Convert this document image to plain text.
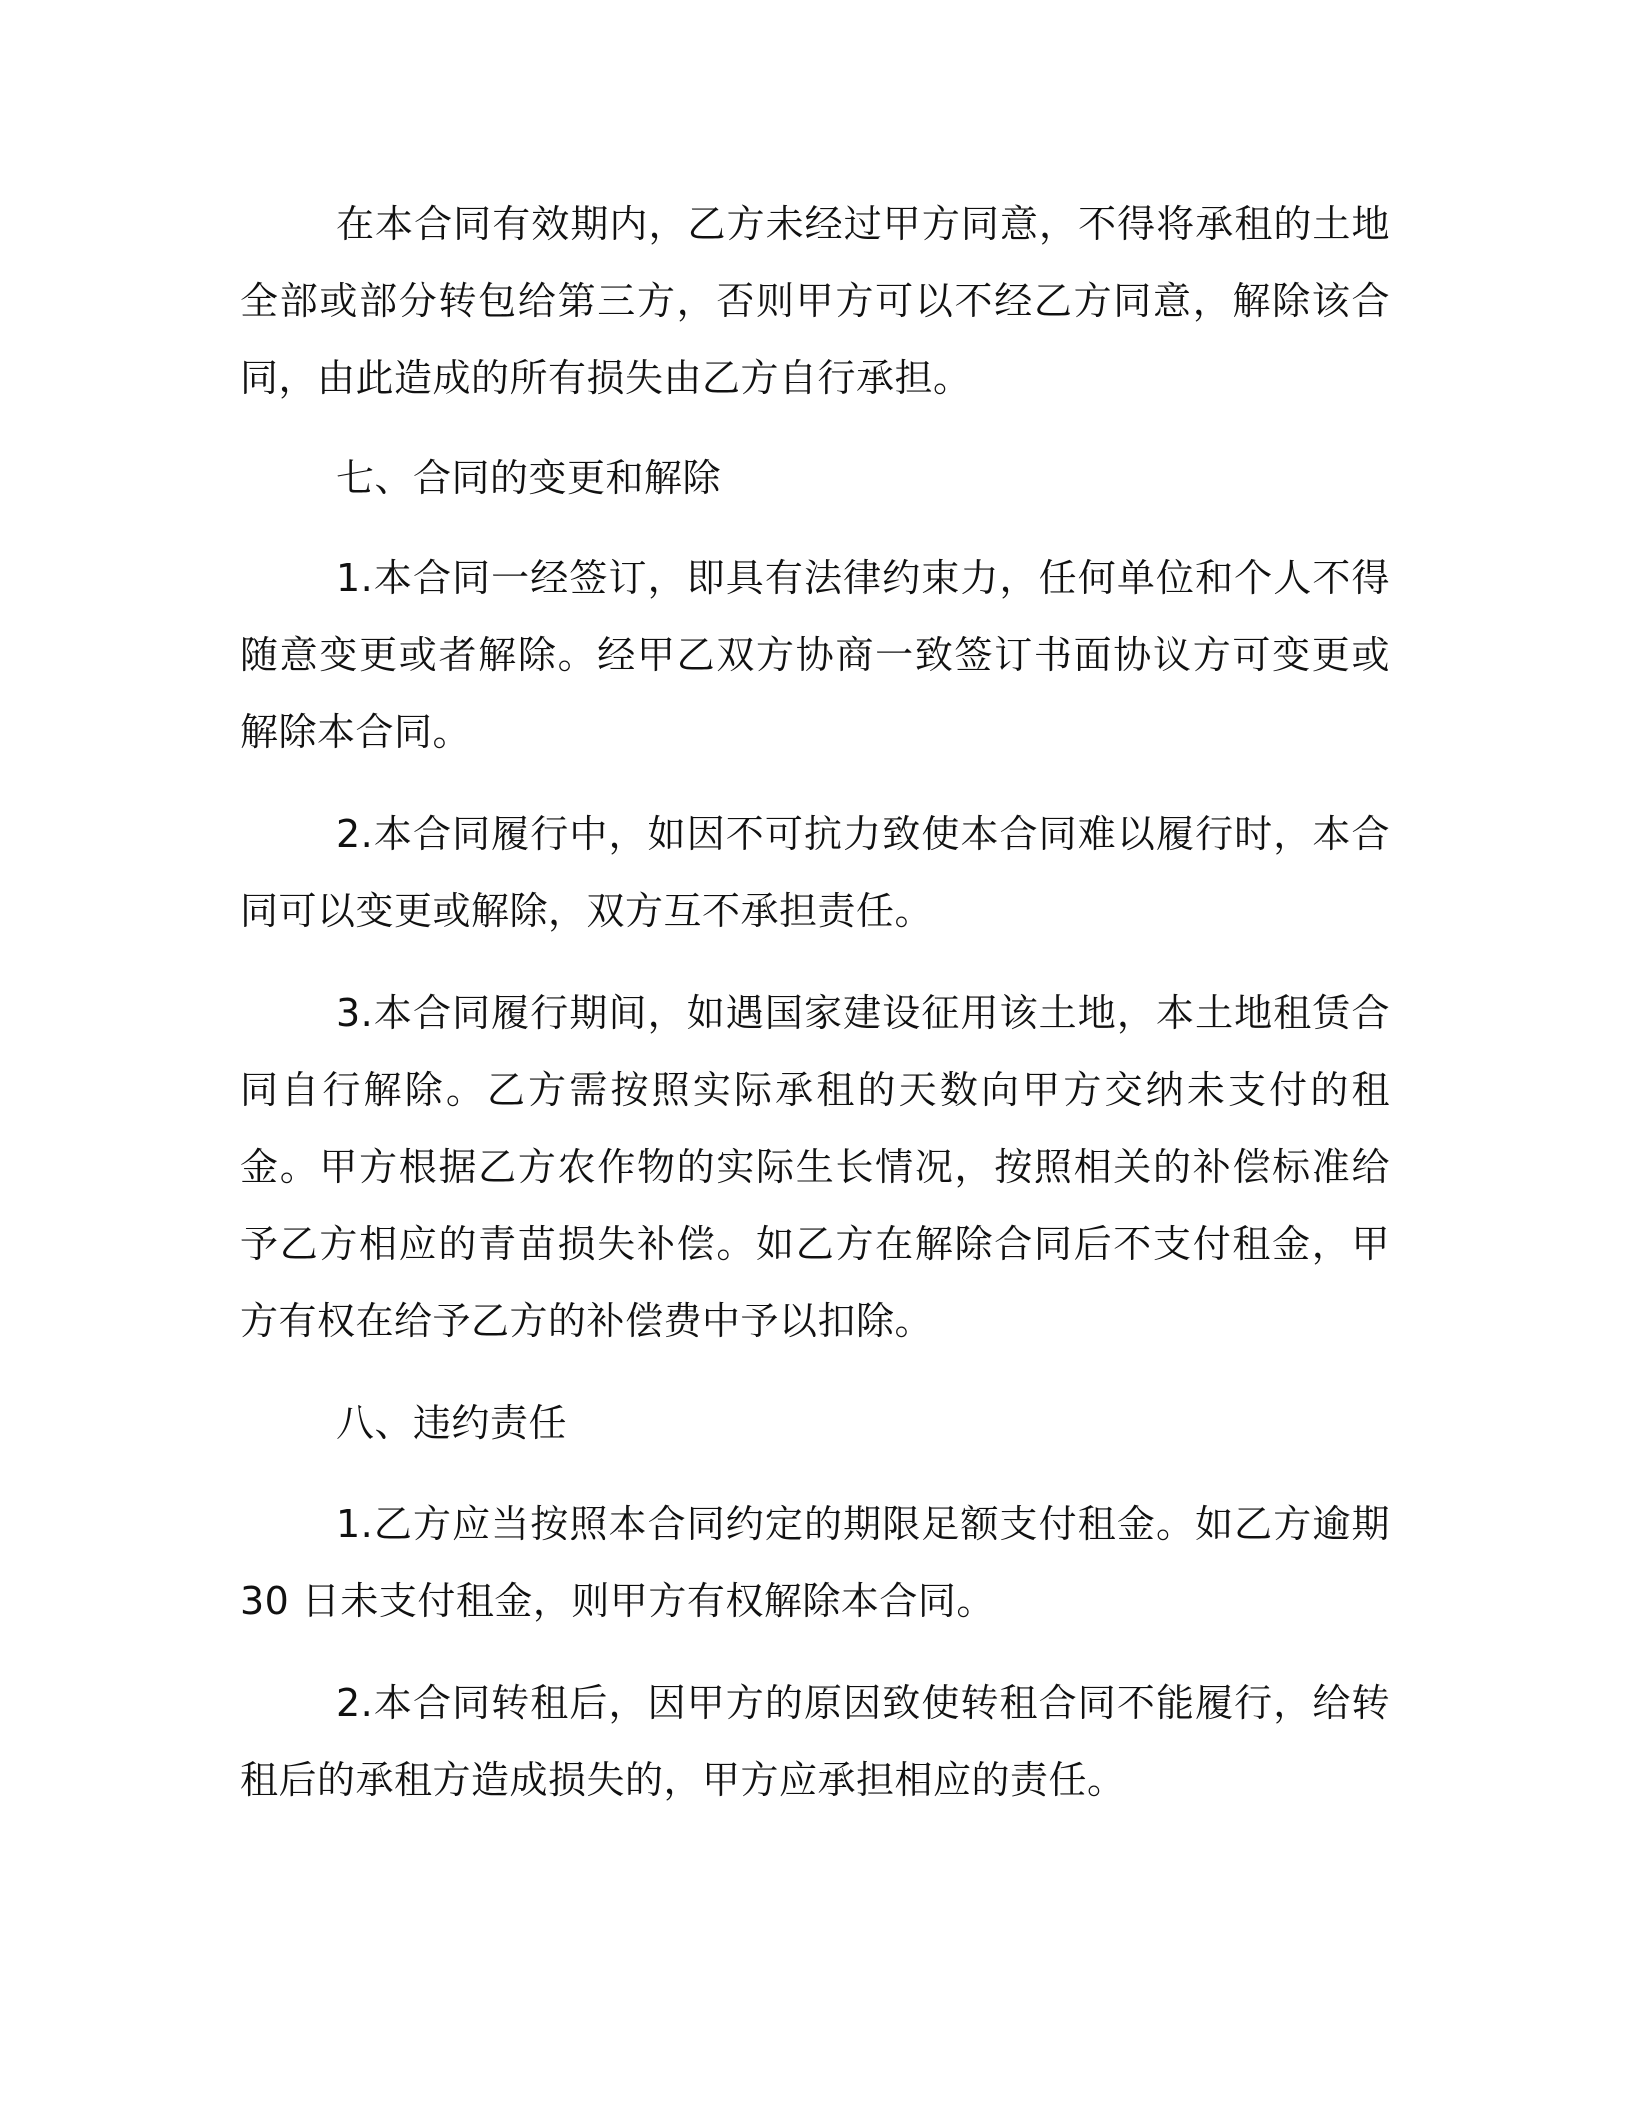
在本合同有效期内，乙方未经过甲方同意，不得将承租的土地全部或部分转包给第三方，否则甲方可以不经乙方同意，解除该合同，由此造成的所有损失由乙方自行承担。

七、合同的变更和解除

1.本合同一经签订，即具有法律约束力，任何单位和个人不得随意变更或者解除。经甲乙双方协商一致签订书面协议方可变更或解除本合同。

2.本合同履行中，如因不可抗力致使本合同难以履行时，本合同可以变更或解除，双方互不承担责任。

3.本合同履行期间，如遇国家建设征用该土地，本土地租赁合同自行解除。乙方需按照实际承租的天数向甲方交纳未支付的租金。甲方根据乙方农作物的实际生长情况，按照相关的补偿标准给予乙方相应的青苗损失补偿。如乙方在解除合同后不支付租金，甲方有权在给予乙方的补偿费中予以扣除。

八、违约责任

1.乙方应当按照本合同约定的期限足额支付租金。如乙方逾期 30 日未支付租金，则甲方有权解除本合同。

2.本合同转租后，因甲方的原因致使转租合同不能履行，给转租后的承租方造成损失的，甲方应承担相应的责任。
